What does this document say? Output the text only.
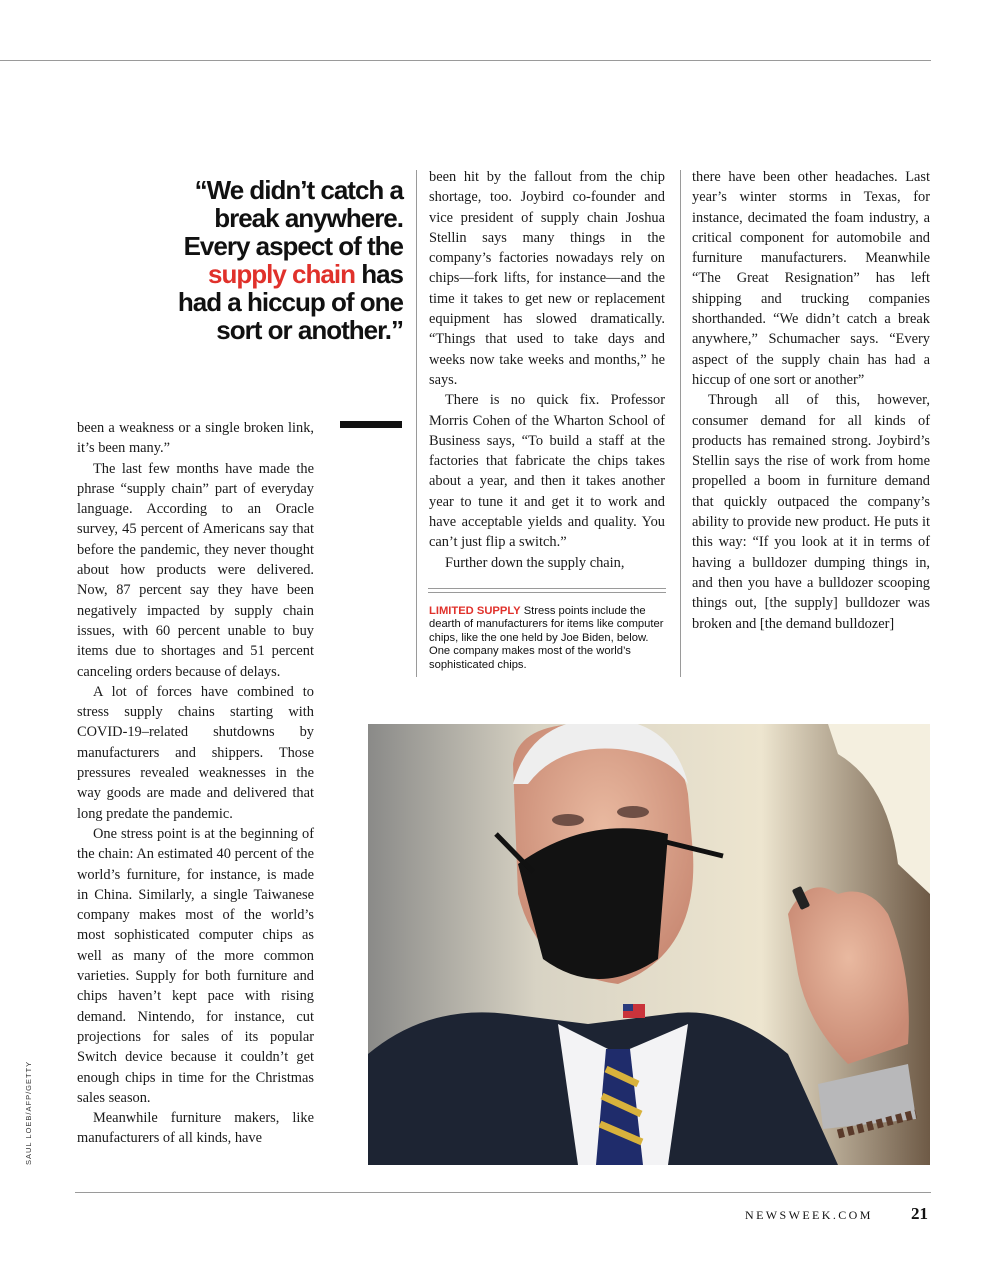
“We didn’t catch a
break anywhere.
Every aspect of the
supply chain has
had a hiccup of one
sort or another.”

been a weakness or a single broken link, it’s been many.”

The last few months have made the phrase “supply chain” part of everyday language. According to an Oracle survey, 45 percent of Americans say that before the pandemic, they never thought about how products were delivered. Now, 87 percent say they have been negatively impacted by supply chain issues, with 60 percent unable to buy items due to shortages and 51 percent canceling orders because of delays.

A lot of forces have combined to stress supply chains starting with COVID-19–related shutdowns by manufacturers and shippers. Those pressures revealed weaknesses in the way goods are made and delivered that long predate the pandemic.

One stress point is at the beginning of the chain: An estimated 40 percent of the world’s furniture, for instance, is made in China. Similarly, a single Taiwanese company makes most of the world’s most sophisticated computer chips as well as many of the more common varieties. Supply for both furniture and chips haven’t kept pace with rising demand. Nintendo, for instance, cut projections for sales of its popular Switch device because it couldn’t get enough chips in time for the Christmas sales season.

Meanwhile furniture makers, like manufacturers of all kinds, have

been hit by the fallout from the chip shortage, too. Joybird co-founder and vice president of supply chain Joshua Stellin says many things in the company’s factories nowadays rely on chips—fork lifts, for instance—and the time it takes to get new or replacement equipment has slowed dramatically. “Things that used to take days and weeks now take weeks and months,” he says.

There is no quick fix. Professor Morris Cohen of the Wharton School of Business says, “To build a staff at the factories that fabricate the chips takes about a year, and then it takes another year to tune it and get it to work and have acceptable yields and quality. You can’t just flip a switch.”

Further down the supply chain,

LIMITED SUPPLY Stress points include the dearth of manufacturers for items like computer chips, like the one held by Joe Biden, below. One company makes most of the world’s sophisticated chips.

there have been other headaches. Last year’s winter storms in Texas, for instance, decimated the foam industry, a critical component for automobile and furniture manufacturers. Meanwhile “The Great Resignation” has left shipping and trucking companies shorthanded. “We didn’t catch a break anywhere,” Schumacher says. “Every aspect of the supply chain has had a hiccup of one sort or another”

Through all of this, however, consumer demand for all kinds of products has remained strong. Joybird’s Stellin says the rise of work from home propelled a boom in furniture demand that quickly outpaced the company’s ability to provide new product. He puts it this way: “If you look at it in terms of having a bulldozer dumping things in, and then you have a bulldozer scooping things out, [the supply] bulldozer was broken and [the demand bulldozer]

SAUL LOEB/AFP/GETTY
NEWSWEEK.COM 21
